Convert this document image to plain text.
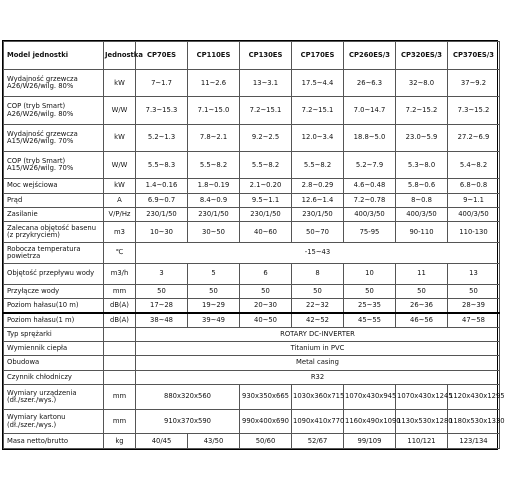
Model jednostki	Jednostka	CP70ES	CP110ES	CP130ES	CP170ES	CP260ES/3	CP320ES/3	CP370ES/3
Wydajność grzewcza A26/W26/wilg. 80%	kW	7~1.7	11~2.6	13~3.1	17.5~4.4	26~6.3	32~8.0	37~9.2
COP (tryb Smart) A26/W26/wilg. 80%	W/W	7.3~15.3	7.1~15.0	7.2~15.1	7.2~15.1	7.0~14.7	7.2~15.2	7.3~15.2
Wydajność grzewcza A15/W26/wilg. 70%	kW	5.2~1.3	7.8~2.1	9.2~2.5	12.0~3.4	18.8~5.0	23.0~5.9	27.2~6.9
COP (tryb Smart) A15/W26/wilg. 70%	W/W	5.5~8.3	5.5~8.2	5.5~8.2	5.5~8.2	5.2~7.9	5.3~8.0	5.4~8.2
Moc wejściowa	kW	1.4~0.16	1.8~0.19	2.1~0.20	2.8~0.29	4.6~0.48	5.8~0.6	6.8~0.8
Prąd	A	6.9~0.7	8.4~0.9	9.5~1.1	12.6~1.4	7.2~0.78	8~0.8	9~1.1
Zasilanie	V/P/Hz	230/1/50	230/1/50	230/1/50	230/1/50	400/3/50	400/3/50	400/3/50
Zalecana objętość basenu (z przykryciem)	m3	10~30	30~50	40~60	50~70	75-95	90-110	110-130
Robocza temperatura powietrza	℃	-15~43						
Objętość przepływu wody	m3/h	3	5	6	8	10	11	13
Przyłącze wody	mm	50	50	50	50	50	50	50
Poziom hałasu(10 m)	dB(A)	17~28	19~29	20~30	22~32	25~35	26~36	28~39
Poziom hałasu(1 m)	dB(A)	38~48	39~49	40~50	42~52	45~55	46~56	47~58
Typ sprężarki		ROTARY DC-INVERTER						
Wymiennik ciepła		Titanium in PVC						
Obudowa		Metal casing						
Czynnik chłodniczy		R32						
Wymiary urządzenia (dł./szer./wys.)	mm	880x320x560		930x350x665	1030x360x715	1070x430x945	1070x430x1245	1120x430x1295
Wymiary kartonu (dł./szer./wys.)	mm	910x370x590		990x400x690	1090x410x770	1160x490x1090	1130x530x1280	1180x530x1330
Masa netto/brutto	kg	40/45	43/50	50/60	52/67	99/109	110/121	123/134
